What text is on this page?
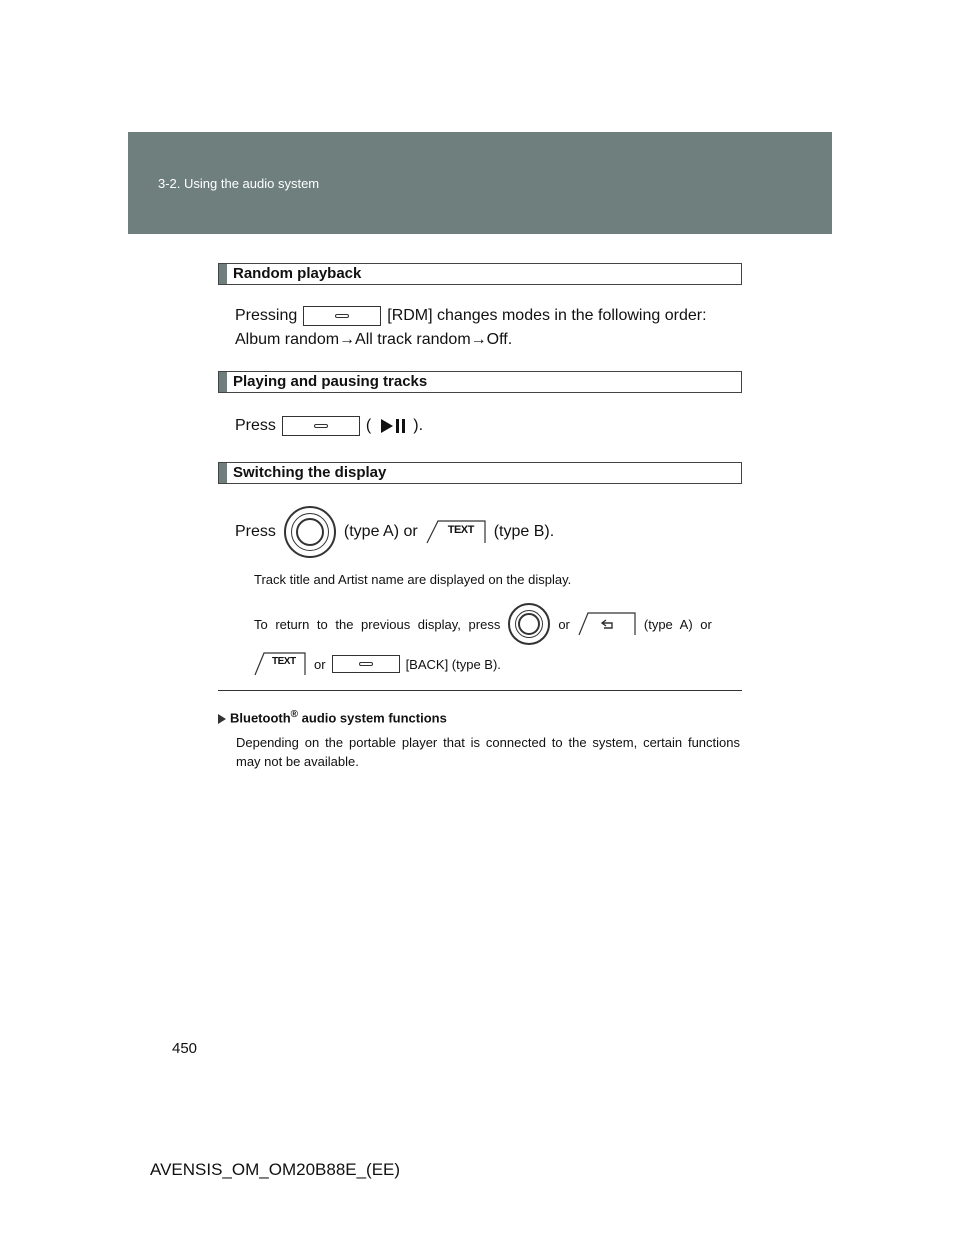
3-2. Using the audio system
Random playback
Pressing	[RDM] changes modes in the following order:
Album random→All track random→Off.
Playing and pausing tracks
Press	(	).
Switching the display
Press	(type A) or	TEXT (type B).
Track title and Artist name are displayed on the display.
To return to the previous display, press	or	(type A) or
TEXT or	[BACK] (type B).
Bluetooth® audio system functions
Depending on the portable player that is connected to the system, certain functions may not be available.
450
AVENSIS_OM_OM20B88E_(EE)
